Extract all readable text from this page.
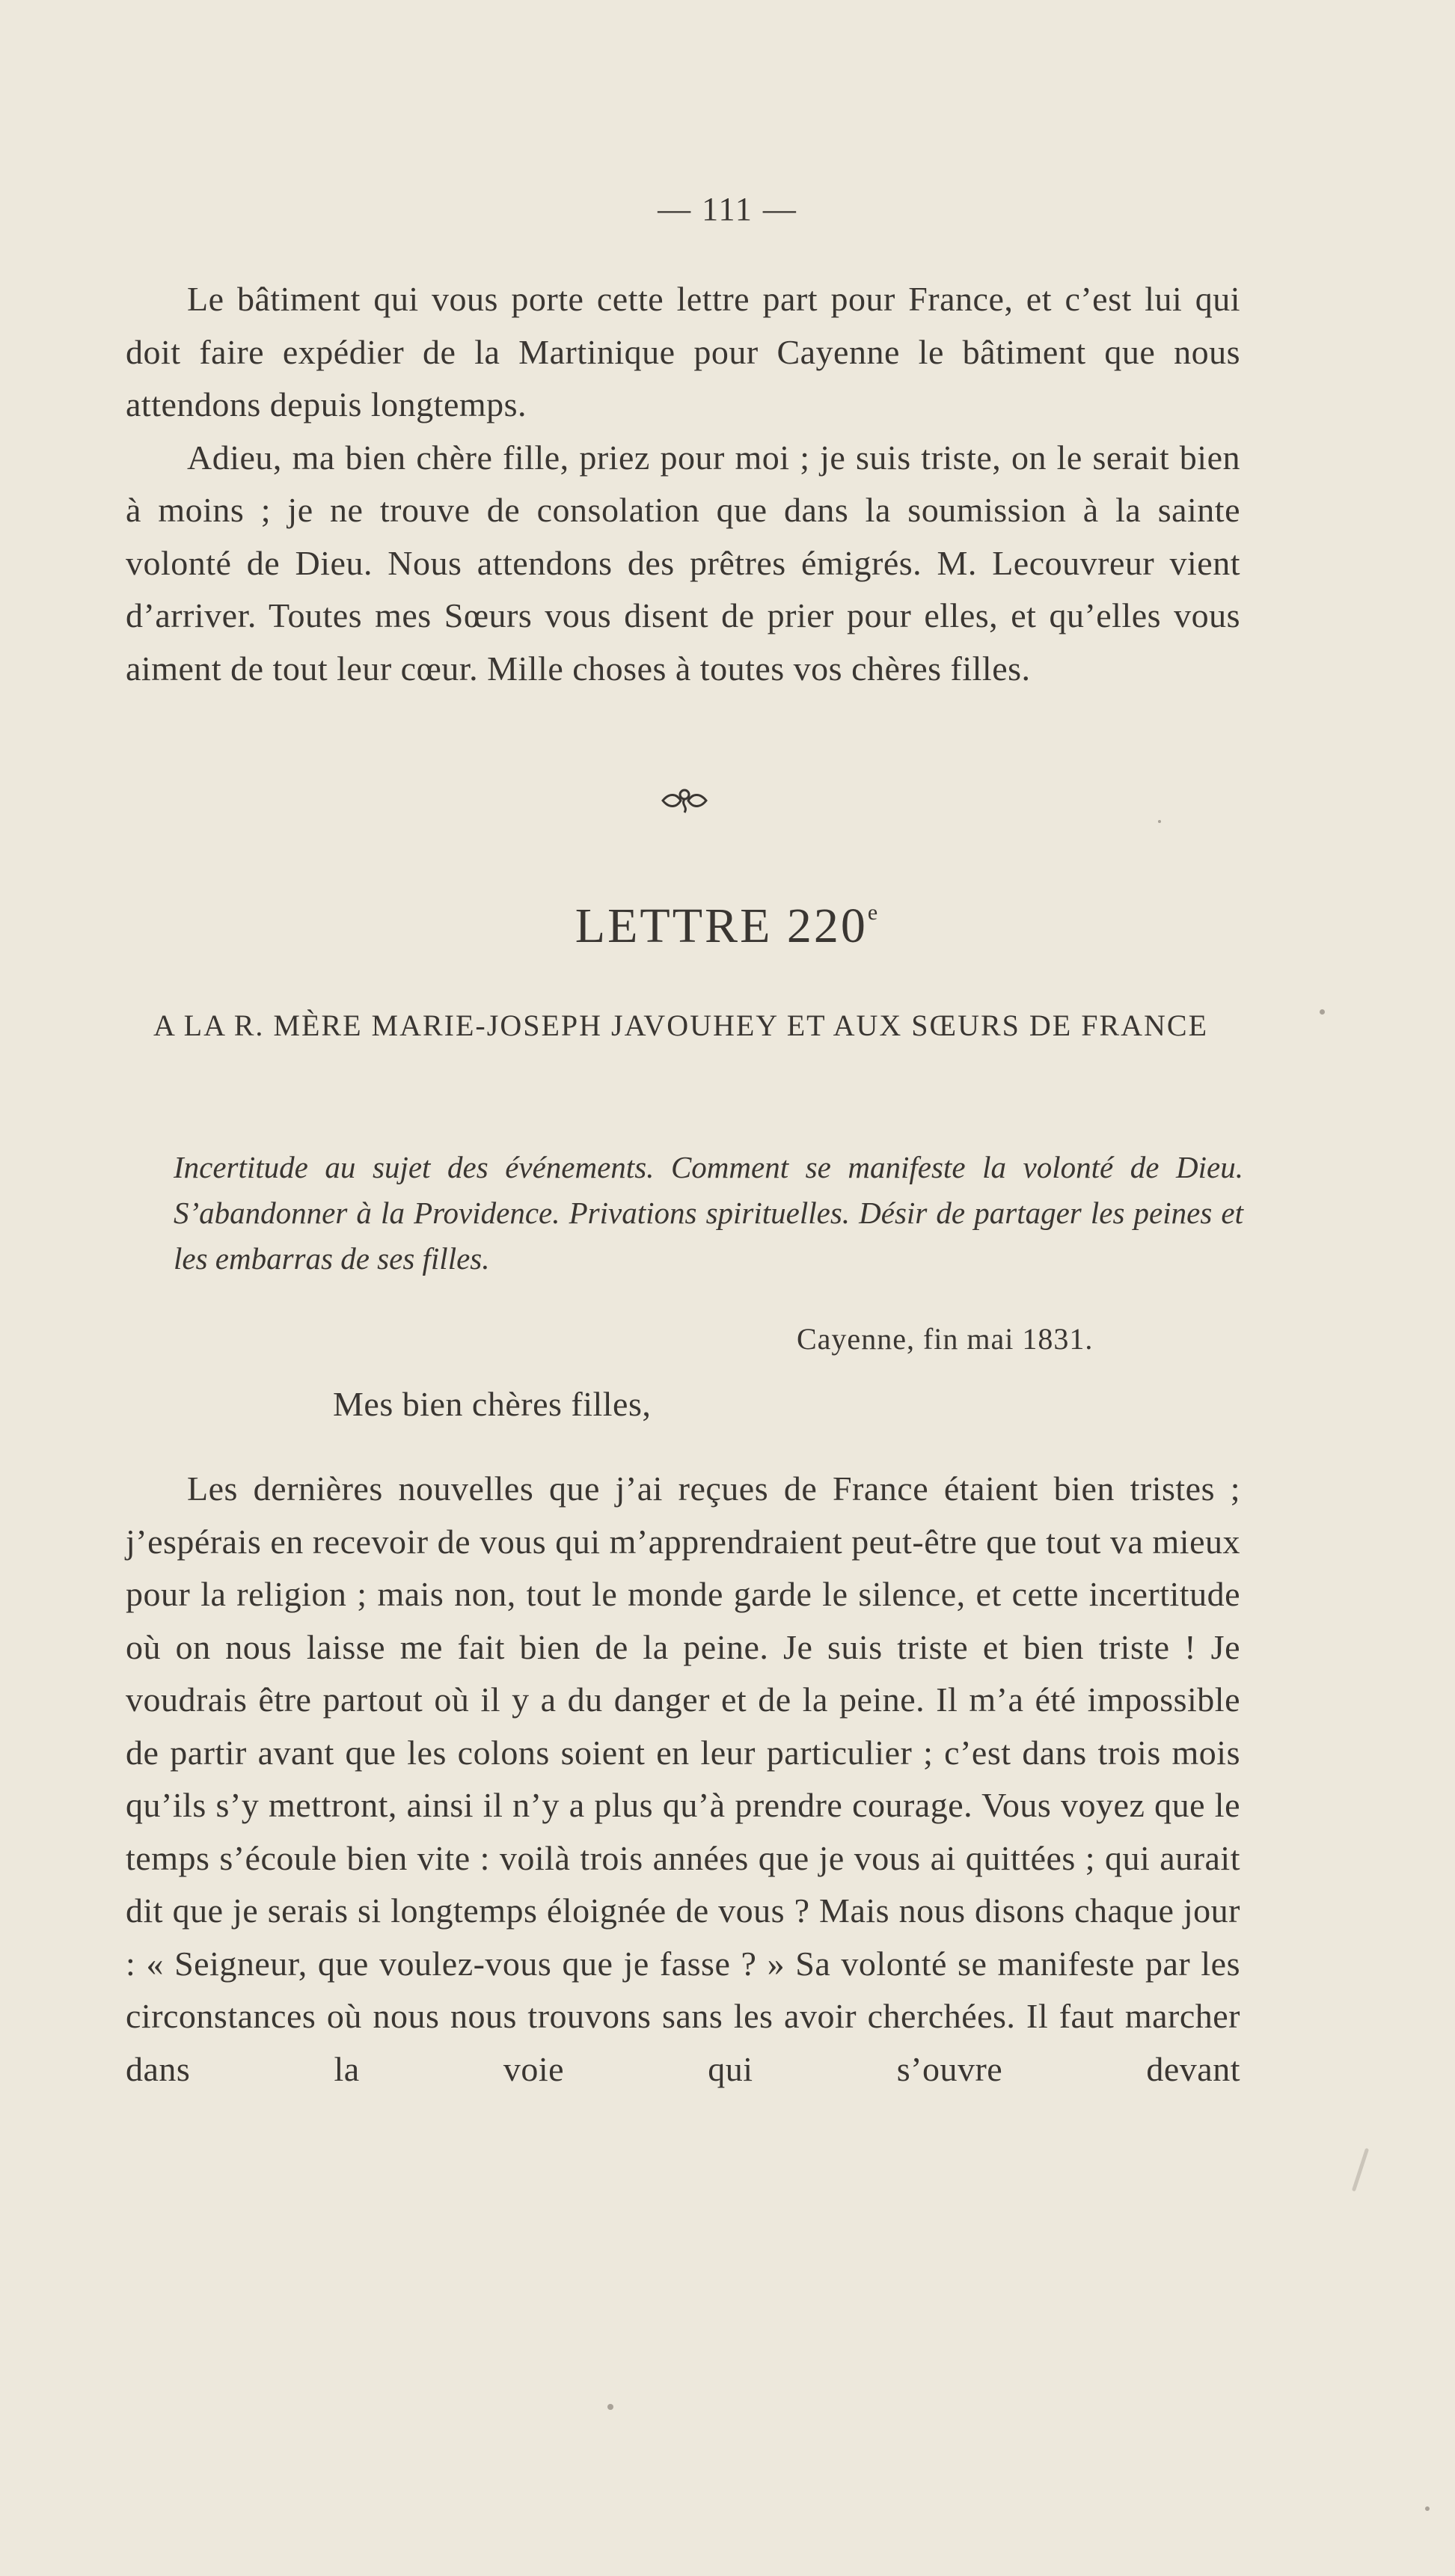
— 111 —

Le bâtiment qui vous porte cette lettre part pour France, et c’est lui qui doit faire expédier de la Martinique pour Cayenne le bâtiment que nous attendons depuis longtemps.

Adieu, ma bien chère fille, priez pour moi ; je suis triste, on le serait bien à moins ; je ne trouve de consolation que dans la soumission à la sainte volonté de Dieu. Nous attendons des prêtres émigrés. M. Lecouvreur vient d’arriver. Toutes mes Sœurs vous disent de prier pour elles, et qu’elles vous aiment de tout leur cœur. Mille choses à toutes vos chères filles.

LETTRE 220e
A LA R. MÈRE MARIE-JOSEPH JAVOUHEY ET AUX SŒURS DE FRANCE

Incertitude au sujet des événements. Comment se manifeste la volonté de Dieu. S’abandonner à la Providence. Privations spirituelles. Désir de partager les peines et les embarras de ses filles.

Cayenne, fin mai 1831.
Mes bien chères filles,

Les dernières nouvelles que j’ai reçues de France étaient bien tristes ; j’espérais en recevoir de vous qui m’apprendraient peut-être que tout va mieux pour la religion ; mais non, tout le monde garde le silence, et cette incertitude où on nous laisse me fait bien de la peine. Je suis triste et bien triste ! Je voudrais être partout où il y a du danger et de la peine. Il m’a été impossible de partir avant que les colons soient en leur particulier ; c’est dans trois mois qu’ils s’y mettront, ainsi il n’y a plus qu’à prendre courage. Vous voyez que le temps s’écoule bien vite : voilà trois années que je vous ai quittées ; qui aurait dit que je serais si longtemps éloignée de vous ? Mais nous disons chaque jour : « Seigneur, que voulez-vous que je fasse ? » Sa volonté se manifeste par les circonstances où nous nous trouvons sans les avoir cherchées. Il faut marcher dans la voie qui s’ouvre devant
